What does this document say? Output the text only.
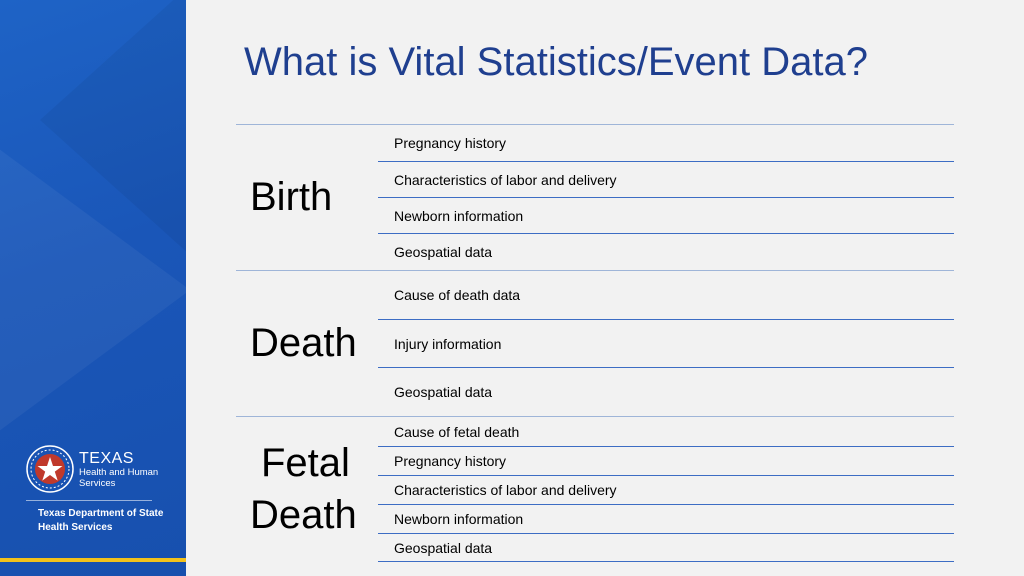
TEXAS
Health and Human
Services
Texas Department of State
Health Services
What is Vital Statistics/Event Data?
Birth
Pregnancy history
Characteristics of labor and delivery
Newborn information
Geospatial data
Death
Cause of death data
Injury information
Geospatial data
Fetal
Death
Cause of fetal death
Pregnancy history
Characteristics of labor and delivery
Newborn information
Geospatial data
